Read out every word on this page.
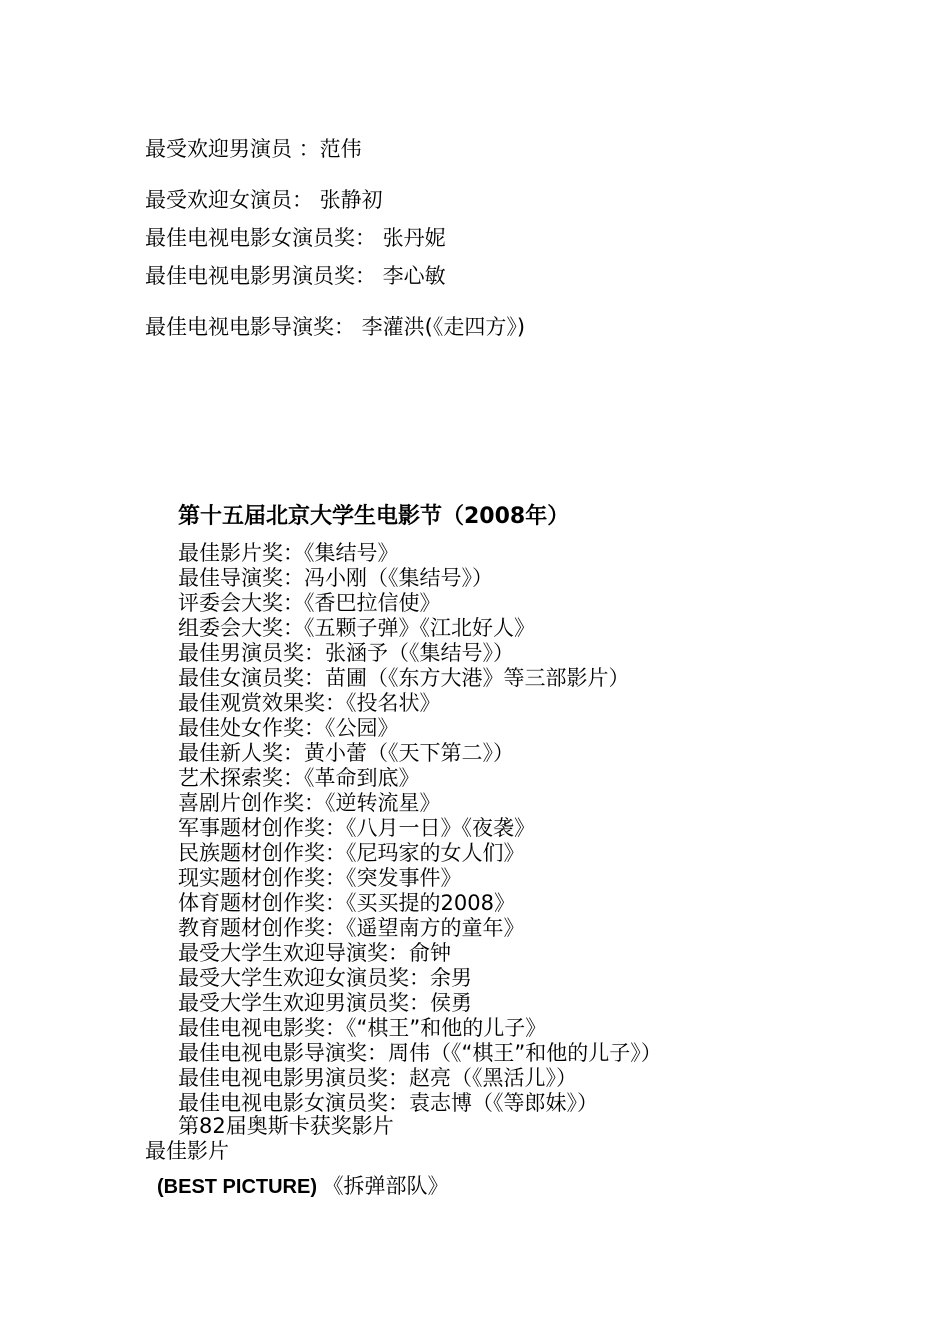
最受欢迎男演员 ：范伟
最受欢迎女演员： 张静初
最佳电视电影女演员奖： 张丹妮
最佳电视电影男演员奖： 李心敏
最佳电视电影导演奖： 李灌洪(《走四方》)
第十五届北京大学生电影节（2008年）
最佳影片奖：《集结号》
最佳导演奖：冯小刚（《集结号》）
评委会大奖：《香巴拉信使》
组委会大奖：《五颗子弹》《江北好人》
最佳男演员奖：张涵予（《集结号》）
最佳女演员奖：苗圃（《东方大港》等三部影片）
最佳观赏效果奖：《投名状》
最佳处女作奖：《公园》
最佳新人奖：黄小蕾（《天下第二》）
艺术探索奖：《革命到底》
喜剧片创作奖：《逆转流星》
军事题材创作奖：《八月一日》《夜袭》
民族题材创作奖：《尼玛家的女人们》
现实题材创作奖：《突发事件》
体育题材创作奖：《买买提的2008》
教育题材创作奖：《遥望南方的童年》
最受大学生欢迎导演奖：俞钟
最受大学生欢迎女演员奖：余男
最受大学生欢迎男演员奖：侯勇
最佳电视电影奖：《“棋王”和他的儿子》
最佳电视电影导演奖：周伟（《“棋王”和他的儿子》）
最佳电视电影男演员奖：赵亮（《黑活儿》）
最佳电视电影女演员奖：袁志博（《等郎妹》）
第82届奥斯卡获奖影片
最佳影片
(BEST PICTURE) 《拆弹部队》
